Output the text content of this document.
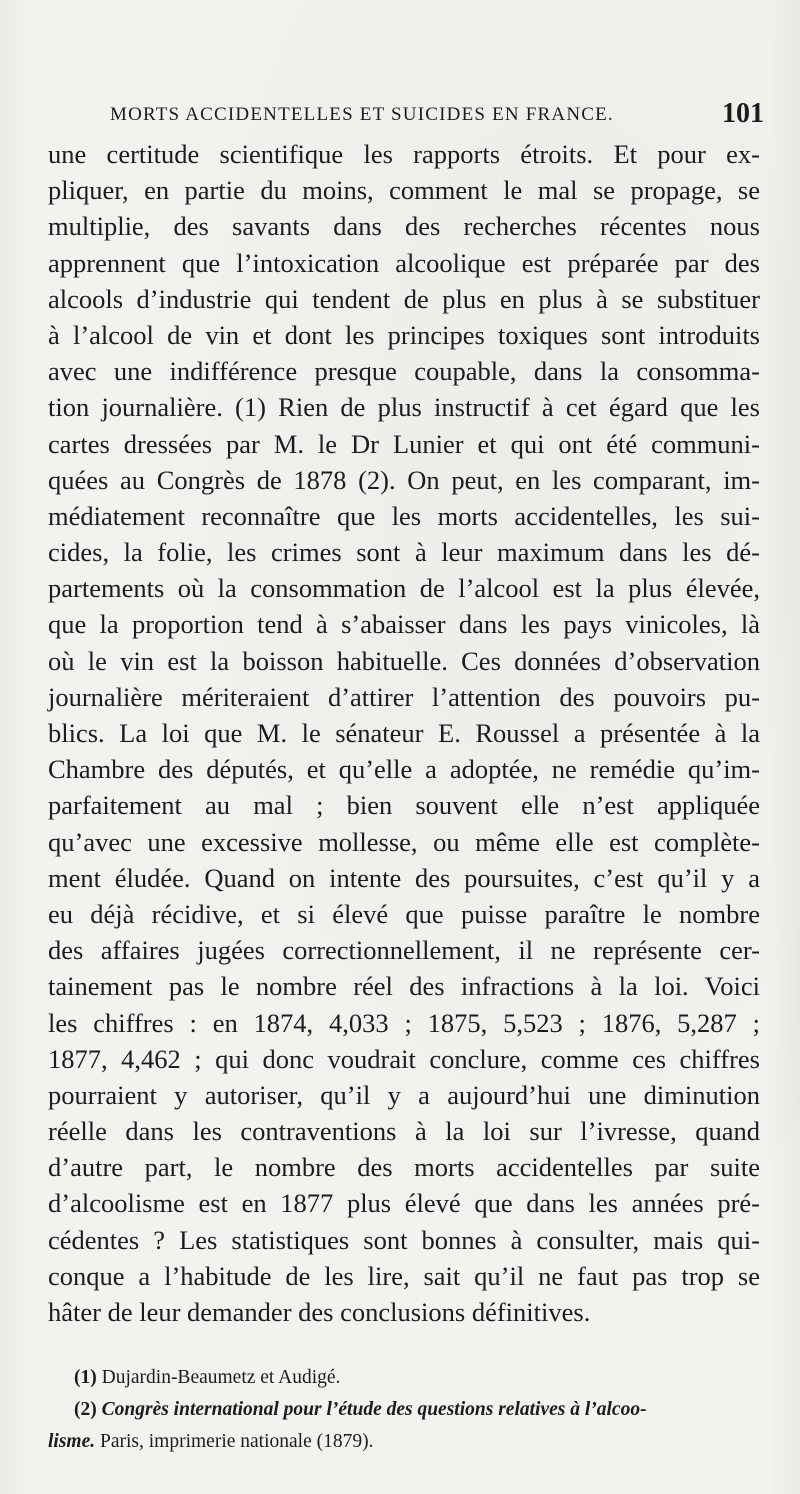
MORTS ACCIDENTELLES ET SUICIDES EN FRANCE.	101
une certitude scientifique les rapports étroits. Et pour ex-
pliquer, en partie du moins, comment le mal se propage, se
multiplie, des savants dans des recherches récentes nous
apprennent que l’intoxication alcoolique est préparée par des
alcools d’industrie qui tendent de plus en plus à se substituer
à l’alcool de vin et dont les principes toxiques sont introduits
avec une indifférence presque coupable, dans la consomma-
tion journalière. (1) Rien de plus instructif à cet égard que les
cartes dressées par M. le Dr Lunier et qui ont été communi-
quées au Congrès de 1878 (2). On peut, en les comparant, im-
médiatement reconnaître que les morts accidentelles, les sui-
cides, la folie, les crimes sont à leur maximum dans les dé-
partements où la consommation de l’alcool est la plus élevée,
que la proportion tend à s’abaisser dans les pays vinicoles, là
où le vin est la boisson habituelle. Ces données d’observation
journalière mériteraient d’attirer l’attention des pouvoirs pu-
blics. La loi que M. le sénateur E. Roussel a présentée à la
Chambre des députés, et qu’elle a adoptée, ne remédie qu’im-
parfaitement au mal ; bien souvent elle n’est appliquée
qu’avec une excessive mollesse, ou même elle est complète-
ment éludée. Quand on intente des poursuites, c’est qu’il y a
eu déjà récidive, et si élevé que puisse paraître le nombre
des affaires jugées correctionnellement, il ne représente cer-
tainement pas le nombre réel des infractions à la loi. Voici
les chiffres : en 1874, 4,033 ; 1875, 5,523 ; 1876, 5,287 ;
1877, 4,462 ; qui donc voudrait conclure, comme ces chiffres
pourraient y autoriser, qu’il y a aujourd’hui une diminution
réelle dans les contraventions à la loi sur l’ivresse, quand
d’autre part, le nombre des morts accidentelles par suite
d’alcoolisme est en 1877 plus élevé que dans les années pré-
cédentes ? Les statistiques sont bonnes à consulter, mais qui-
conque a l’habitude de les lire, sait qu’il ne faut pas trop se
hâter de leur demander des conclusions définitives.
(1) Dujardin-Beaumetz et Audigé.
(2) Congrès international pour l’étude des questions relatives à l’alcoo-
lisme. Paris, imprimerie nationale (1879).
